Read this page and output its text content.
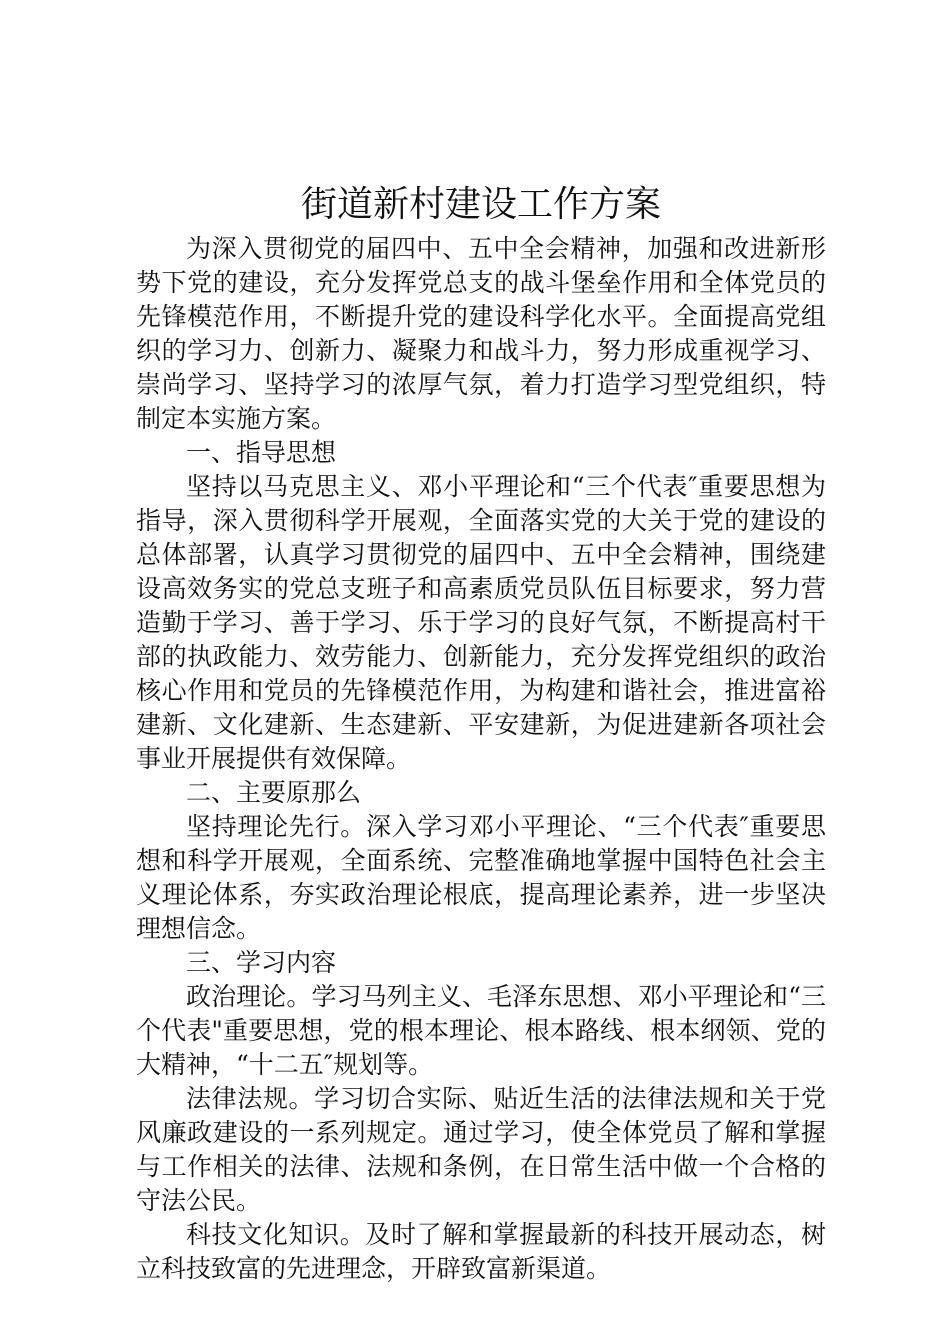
街道新村建设工作方案

为深入贯彻党的届四中、五中全会精神，加强和改进新形势下党的建设，充分发挥党总支的战斗堡垒作用和全体党员的先锋模范作用，不断提升党的建设科学化水平。全面提高党组织的学习力、创新力、凝聚力和战斗力，努力形成重视学习、崇尚学习、坚持学习的浓厚气氛，着力打造学习型党组织，特制定本实施方案。

一、指导思想

坚持以马克思主义、邓小平理论和“三个代表″重要思想为指导，深入贯彻科学开展观，全面落实党的大关于党的建设的总体部署，认真学习贯彻党的届四中、五中全会精神，围绕建设高效务实的党总支班子和高素质党员队伍目标要求，努力营造勤于学习、善于学习、乐于学习的良好气氛，不断提高村干部的执政能力、效劳能力、创新能力，充分发挥党组织的政治核心作用和党员的先锋模范作用，为构建和谐社会，推进富裕建新、文化建新、生态建新、平安建新，为促进建新各项社会事业开展提供有效保障。

二、主要原那么

坚持理论先行。深入学习邓小平理论、“三个代表″重要思想和科学开展观，全面系统、完整准确地掌握中国特色社会主义理论体系，夯实政治理论根底，提高理论素养，进一步坚决理想信念。

三、学习内容

政治理论。学习马列主义、毛泽东思想、邓小平理论和“三个代表"重要思想，党的根本理论、根本路线、根本纲领、党的大精神，“十二五″规划等。

法律法规。学习切合实际、贴近生活的法律法规和关于党风廉政建设的一系列规定。通过学习，使全体党员了解和掌握与工作相关的法律、法规和条例，在日常生活中做一个合格的守法公民。

科技文化知识。及时了解和掌握最新的科技开展动态，树立科技致富的先进理念，开辟致富新渠道。
